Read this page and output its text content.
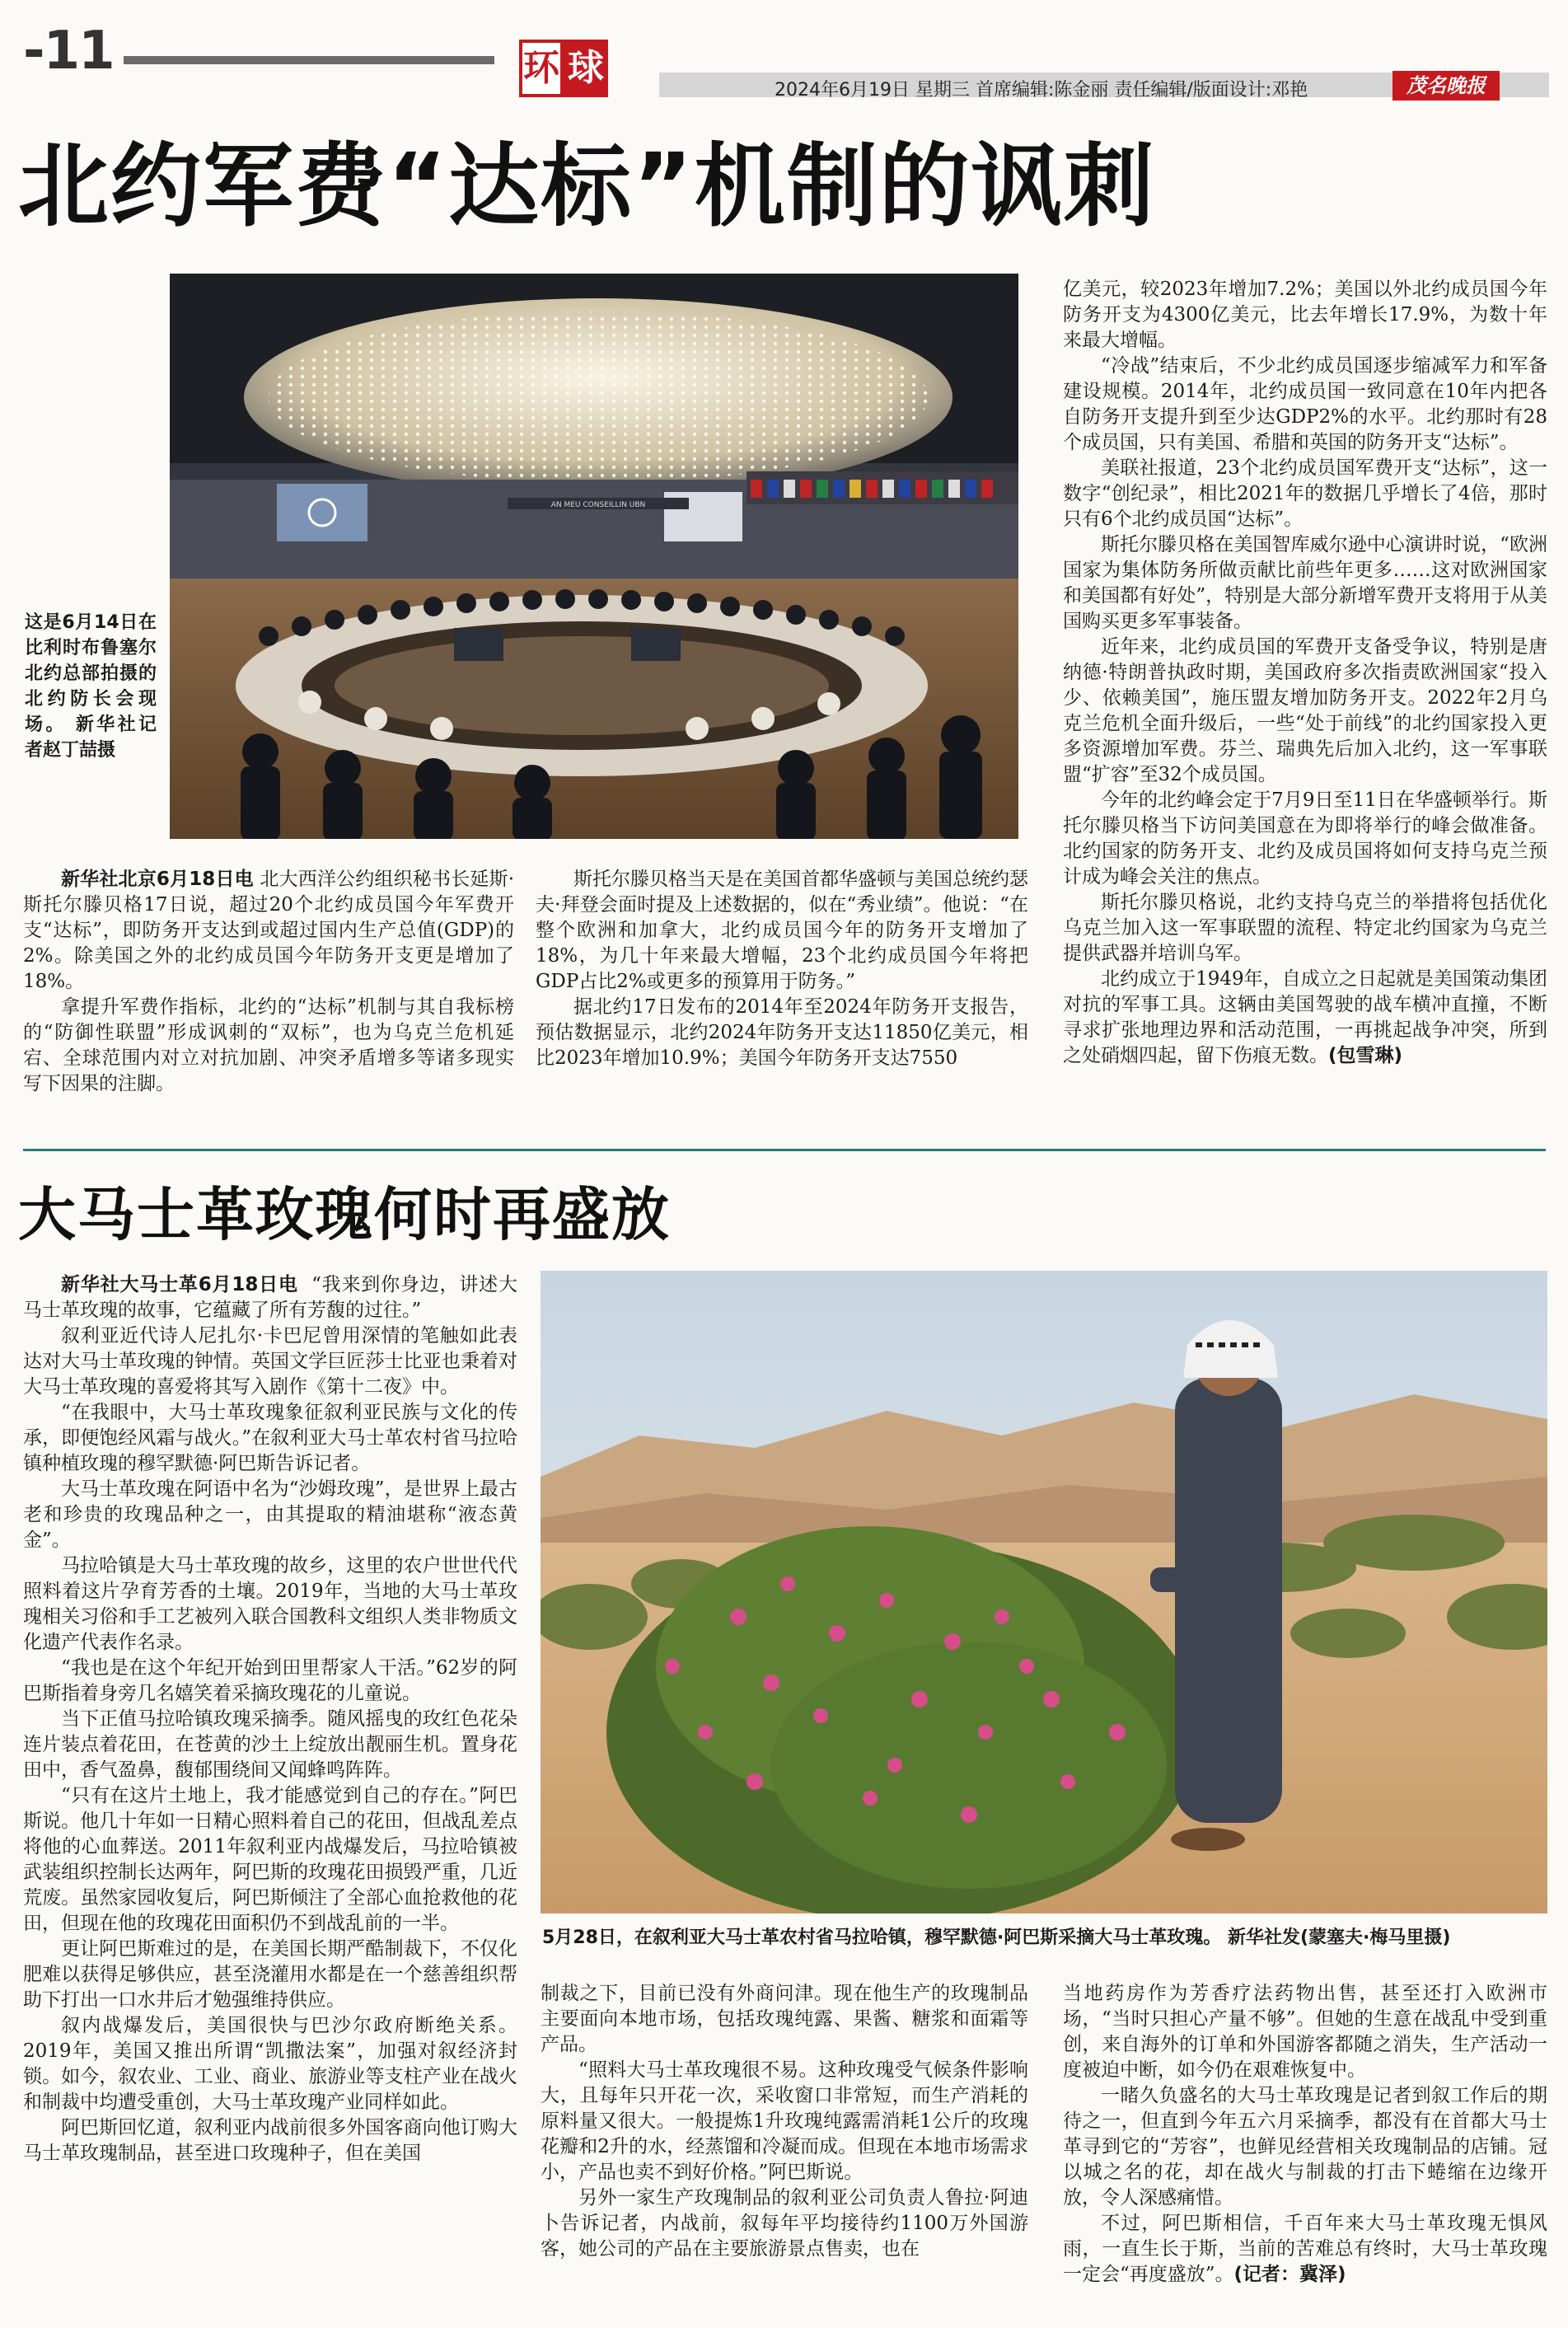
-11	环 球
2024年6月19日 星期三 首席编辑:陈金丽 责任编辑/版面设计:邓艳	茂名晚报
北约军费“达标”机制的讽刺
AN MEU CONSEILLIN UBN
这是6月14日在比利时布鲁塞尔北约总部拍摄的北约防长会现场。 新华社记者赵丁喆摄

新华社北京6月18日电 北大西洋公约组织秘书长延斯·斯托尔滕贝格17日说，超过20个北约成员国今年军费开支“达标”，即防务开支达到或超过国内生产总值(GDP)的2%。除美国之外的北约成员国今年防务开支更是增加了18%。

拿提升军费作指标，北约的“达标”机制与其自我标榜的“防御性联盟”形成讽刺的“双标”，也为乌克兰危机延宕、全球范围内对立对抗加剧、冲突矛盾增多等诸多现实写下因果的注脚。

斯托尔滕贝格当天是在美国首都华盛顿与美国总统约瑟夫·拜登会面时提及上述数据的，似在“秀业绩”。他说：“在整个欧洲和加拿大，北约成员国今年的防务开支增加了18%，为几十年来最大增幅，23个北约成员国今年将把GDP占比2%或更多的预算用于防务。”

据北约17日发布的2014年至2024年防务开支报告，预估数据显示，北约2024年防务开支达11850亿美元，相比2023年增加10.9%；美国今年防务开支达7550

亿美元，较2023年增加7.2%；美国以外北约成员国今年防务开支为4300亿美元，比去年增长17.9%，为数十年来最大增幅。

“冷战”结束后，不少北约成员国逐步缩减军力和军备建设规模。2014年，北约成员国一致同意在10年内把各自防务开支提升到至少达GDP2%的水平。北约那时有28个成员国，只有美国、希腊和英国的防务开支“达标”。

美联社报道，23个北约成员国军费开支“达标”，这一数字“创纪录”，相比2021年的数据几乎增长了4倍，那时只有6个北约成员国“达标”。

斯托尔滕贝格在美国智库威尔逊中心演讲时说，“欧洲国家为集体防务所做贡献比前些年更多……这对欧洲国家和美国都有好处”，特别是大部分新增军费开支将用于从美国购买更多军事装备。

近年来，北约成员国的军费开支备受争议，特别是唐纳德·特朗普执政时期，美国政府多次指责欧洲国家“投入少、依赖美国”，施压盟友增加防务开支。2022年2月乌克兰危机全面升级后，一些“处于前线”的北约国家投入更多资源增加军费。芬兰、瑞典先后加入北约，这一军事联盟“扩容”至32个成员国。

今年的北约峰会定于7月9日至11日在华盛顿举行。斯托尔滕贝格当下访问美国意在为即将举行的峰会做准备。北约国家的防务开支、北约及成员国将如何支持乌克兰预计成为峰会关注的焦点。

斯托尔滕贝格说，北约支持乌克兰的举措将包括优化乌克兰加入这一军事联盟的流程、特定北约国家为乌克兰提供武器并培训乌军。

北约成立于1949年，自成立之日起就是美国策动集团对抗的军事工具。这辆由美国驾驶的战车横冲直撞，不断寻求扩张地理边界和活动范围，一再挑起战争冲突，所到之处硝烟四起，留下伤痕无数。(包雪琳)

大马士革玫瑰何时再盛放

新华社大马士革6月18日电 “我来到你身边，讲述大马士革玫瑰的故事，它蕴藏了所有芳馥的过往。”

叙利亚近代诗人尼扎尔·卡巴尼曾用深情的笔触如此表达对大马士革玫瑰的钟情。英国文学巨匠莎士比亚也秉着对大马士革玫瑰的喜爱将其写入剧作《第十二夜》中。

“在我眼中，大马士革玫瑰象征叙利亚民族与文化的传承，即便饱经风霜与战火。”在叙利亚大马士革农村省马拉哈镇种植玫瑰的穆罕默德·阿巴斯告诉记者。

大马士革玫瑰在阿语中名为“沙姆玫瑰”，是世界上最古老和珍贵的玫瑰品种之一，由其提取的精油堪称“液态黄金”。

马拉哈镇是大马士革玫瑰的故乡，这里的农户世世代代照料着这片孕育芳香的土壤。2019年，当地的大马士革玫瑰相关习俗和手工艺被列入联合国教科文组织人类非物质文化遗产代表作名录。

“我也是在这个年纪开始到田里帮家人干活。”62岁的阿巴斯指着身旁几名嬉笑着采摘玫瑰花的儿童说。

当下正值马拉哈镇玫瑰采摘季。随风摇曳的玫红色花朵连片装点着花田，在苍黄的沙土上绽放出靓丽生机。置身花田中，香气盈鼻，馥郁围绕间又闻蜂鸣阵阵。

“只有在这片土地上，我才能感觉到自己的存在。”阿巴斯说。他几十年如一日精心照料着自己的花田，但战乱差点将他的心血葬送。2011年叙利亚内战爆发后，马拉哈镇被武装组织控制长达两年，阿巴斯的玫瑰花田损毁严重，几近荒废。虽然家园收复后，阿巴斯倾注了全部心血抢救他的花田，但现在他的玫瑰花田面积仍不到战乱前的一半。

更让阿巴斯难过的是，在美国长期严酷制裁下，不仅化肥难以获得足够供应，甚至浇灌用水都是在一个慈善组织帮助下打出一口水井后才勉强维持供应。

叙内战爆发后，美国很快与巴沙尔政府断绝关系。2019年，美国又推出所谓“凯撒法案”，加强对叙经济封锁。如今，叙农业、工业、商业、旅游业等支柱产业在战火和制裁中均遭受重创，大马士革玫瑰产业同样如此。

阿巴斯回忆道，叙利亚内战前很多外国客商向他订购大马士革玫瑰制品，甚至进口玫瑰种子，但在美国

5月28日，在叙利亚大马士革农村省马拉哈镇，穆罕默德·阿巴斯采摘大马士革玫瑰。 新华社发(蒙塞夫·梅马里摄)

制裁之下，目前已没有外商问津。现在他生产的玫瑰制品主要面向本地市场，包括玫瑰纯露、果酱、糖浆和面霜等产品。

“照料大马士革玫瑰很不易。这种玫瑰受气候条件影响大，且每年只开花一次，采收窗口非常短，而生产消耗的原料量又很大。一般提炼1升玫瑰纯露需消耗1公斤的玫瑰花瓣和2升的水，经蒸馏和冷凝而成。但现在本地市场需求小，产品也卖不到好价格。”阿巴斯说。

另外一家生产玫瑰制品的叙利亚公司负责人鲁拉·阿迪卜告诉记者，内战前，叙每年平均接待约1100万外国游客，她公司的产品在主要旅游景点售卖，也在

当地药房作为芳香疗法药物出售，甚至还打入欧洲市场，“当时只担心产量不够”。但她的生意在战乱中受到重创，来自海外的订单和外国游客都随之消失，生产活动一度被迫中断，如今仍在艰难恢复中。

一睹久负盛名的大马士革玫瑰是记者到叙工作后的期待之一，但直到今年五六月采摘季，都没有在首都大马士革寻到它的“芳容”，也鲜见经营相关玫瑰制品的店铺。冠以城之名的花，却在战火与制裁的打击下蜷缩在边缘开放，令人深感痛惜。

不过，阿巴斯相信，千百年来大马士革玫瑰无惧风雨，一直生长于斯，当前的苦难总有终时，大马士革玫瑰一定会“再度盛放”。(记者：冀泽)
